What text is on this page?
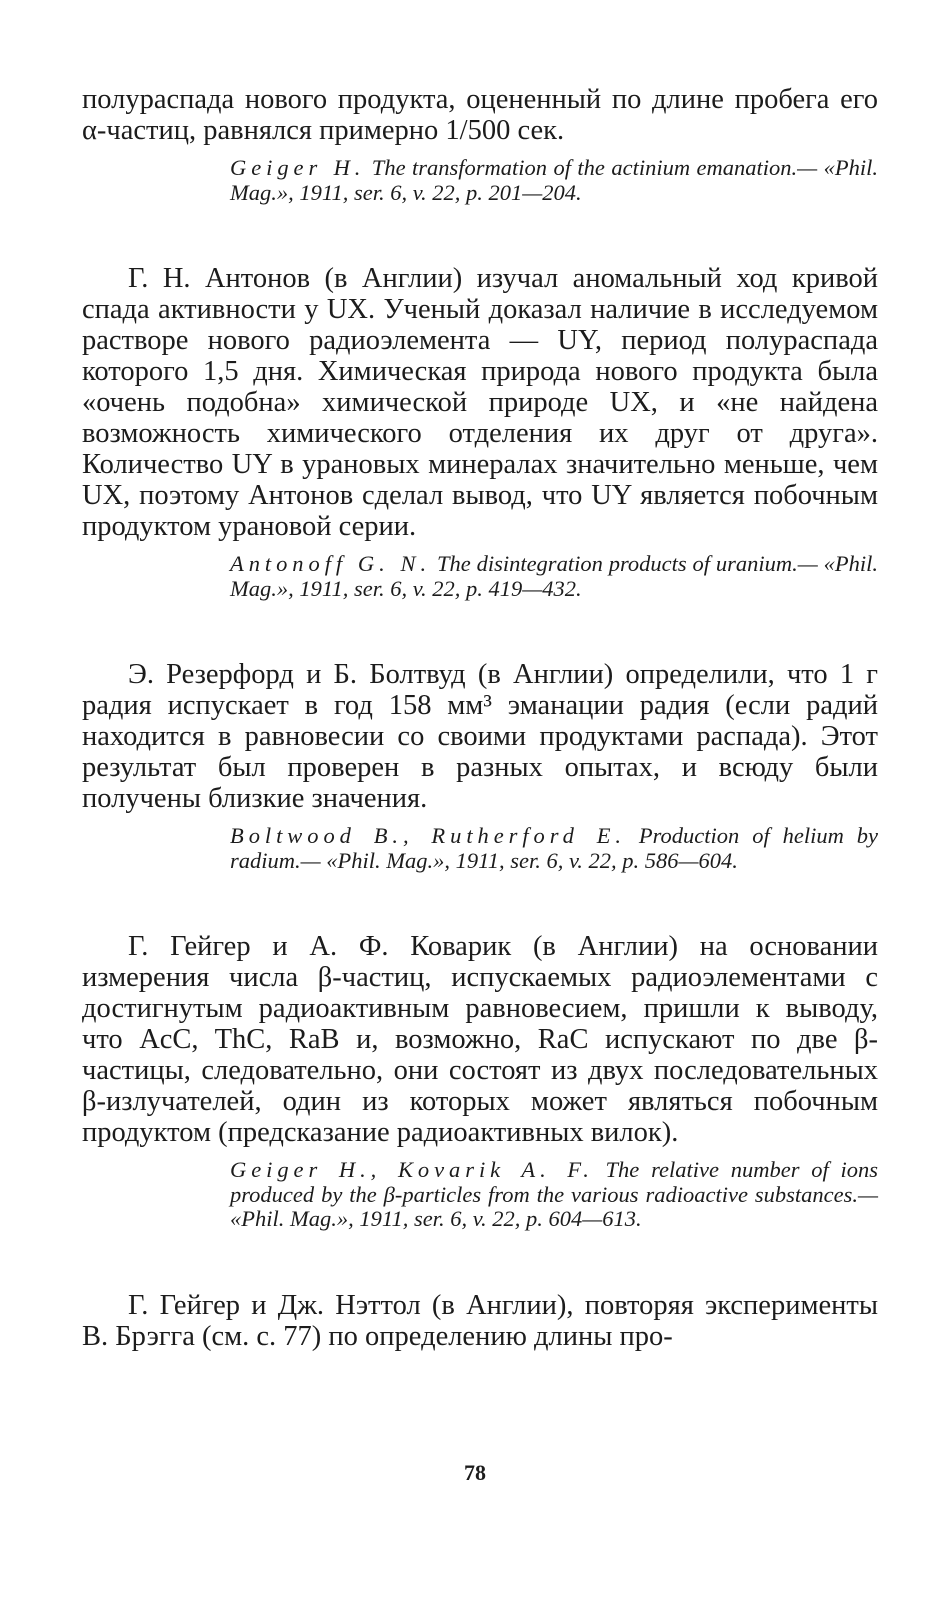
полураспада нового продукта, оцененный по длине пробега его α-частиц, равнялся примерно 1/500 сек.

Geiger H. The transformation of the actinium emanation.— «Phil. Mag.», 1911, ser. 6, v. 22, p. 201—204.

Г. Н. Антонов (в Англии) изучал аномальный ход кривой спада активности у UX. Ученый доказал наличие в исследуемом растворе нового радиоэлемента — UY, период полураспада которого 1,5 дня. Химическая природа нового продукта была «очень подобна» химической природе UX, и «не найдена возможность химического отделения их друг от друга». Количество UY в урановых минералах значительно меньше, чем UX, поэтому Антонов сделал вывод, что UY является побочным продуктом урановой серии.

Antonoff G. N. The disintegration products of uranium.— «Phil. Mag.», 1911, ser. 6, v. 22, p. 419—432.

Э. Резерфорд и Б. Болтвуд (в Англии) определили, что 1 г радия испускает в год 158 мм³ эманации радия (если радий находится в равновесии со своими продуктами распада). Этот результат был проверен в разных опытах, и всюду были получены близкие значения.

Boltwood B., Rutherford E. Production of helium by radium.— «Phil. Mag.», 1911, ser. 6, v. 22, p. 586—604.

Г. Гейгер и А. Ф. Коварик (в Англии) на основании измерения числа β-частиц, испускаемых радиоэлементами с достигнутым радиоактивным равновесием, пришли к выводу, что AcC, ThC, RaB и, возможно, RaC испускают по две β-частицы, следовательно, они состоят из двух последовательных β-излучателей, один из которых может являться побочным продуктом (предсказание радиоактивных вилок).

Geiger H., Kovarik A. F. The relative number of ions produced by the β-particles from the various radioactive substances.— «Phil. Mag.», 1911, ser. 6, v. 22, p. 604—613.

Г. Гейгер и Дж. Нэттол (в Англии), повторяя эксперименты В. Брэгга (см. с. 77) по определению длины про-

78
